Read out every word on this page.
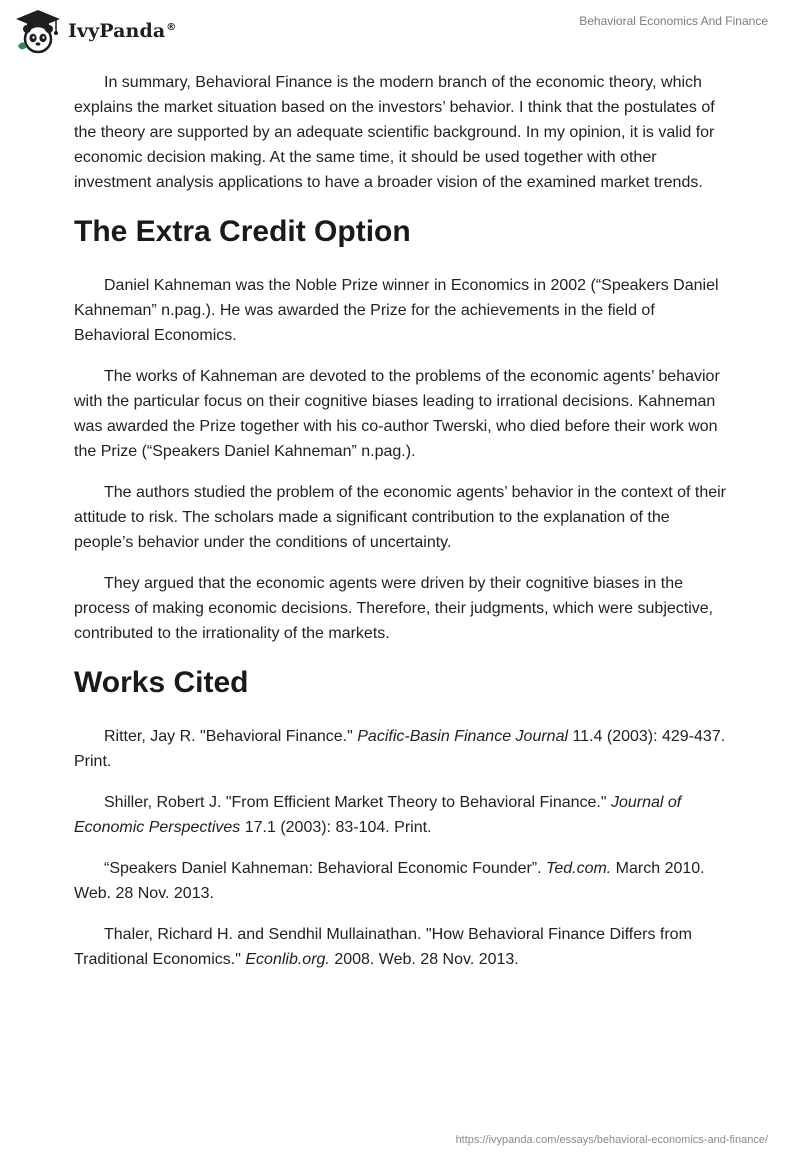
IvyPanda®	Behavioral Economics And Finance

In summary, Behavioral Finance is the modern branch of the economic theory, which explains the market situation based on the investors’ behavior. I think that the postulates of the theory are supported by an adequate scientific background. In my opinion, it is valid for economic decision making. At the same time, it should be used together with other investment analysis applications to have a broader vision of the examined market trends.

The Extra Credit Option

Daniel Kahneman was the Noble Prize winner in Economics in 2002 (“Speakers Daniel Kahneman” n.pag.). He was awarded the Prize for the achievements in the field of Behavioral Economics.

The works of Kahneman are devoted to the problems of the economic agents’ behavior with the particular focus on their cognitive biases leading to irrational decisions. Kahneman was awarded the Prize together with his co-author Twerski, who died before their work won the Prize (“Speakers Daniel Kahneman” n.pag.).

The authors studied the problem of the economic agents’ behavior in the context of their attitude to risk. The scholars made a significant contribution to the explanation of the people’s behavior under the conditions of uncertainty.

They argued that the economic agents were driven by their cognitive biases in the process of making economic decisions. Therefore, their judgments, which were subjective, contributed to the irrationality of the markets.

Works Cited

Ritter, Jay R. "Behavioral Finance." Pacific-Basin Finance Journal 11.4 (2003): 429-437. Print.

Shiller, Robert J. "From Efficient Market Theory to Behavioral Finance." Journal of Economic Perspectives 17.1 (2003): 83-104. Print.

“Speakers Daniel Kahneman: Behavioral Economic Founder”. Ted.com. March 2010. Web. 28 Nov. 2013.

Thaler, Richard H. and Sendhil Mullainathan. "How Behavioral Finance Differs from Traditional Economics." Econlib.org. 2008. Web. 28 Nov. 2013.

https://ivypanda.com/essays/behavioral-economics-and-finance/
